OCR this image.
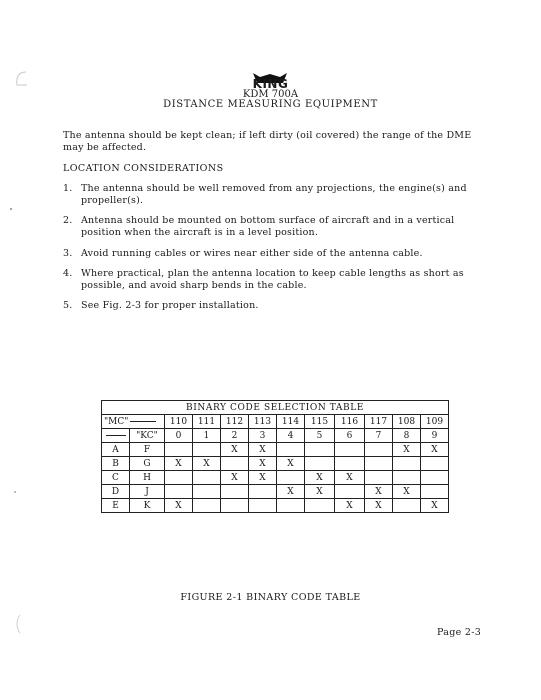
KING
KDM 700A
DISTANCE MEASURING EQUIPMENT
The antenna should be kept clean; if left dirty (oil covered) the range of the DME may be affected.
LOCATION CONSIDERATIONS
1. The antenna should be well removed from any projections, the engine(s) and propeller(s).
2. Antenna should be mounted on bottom surface of aircraft and in a vertical position when the aircraft is in a level position.
3. Avoid running cables or wires near either side of the antenna cable.
4. Where practical, plan the antenna location to keep cable lengths as short as possible, and avoid sharp bends in the cable.
5. See Fig. 2-3 for proper installation.
BINARY CODE SELECTION TABLE											
"MC"		110	111	112	113	114	115	116	117	108	109
	"KC"	0	1	2	3	4	5	6	7	8	9
A	F			X	X					X	X
B	G	X	X		X	X					
C	H			X	X		X	X			
D	J					X	X		X	X	
E	K	X						X	X		X
FIGURE 2-1 BINARY CODE TABLE
Page 2-3
